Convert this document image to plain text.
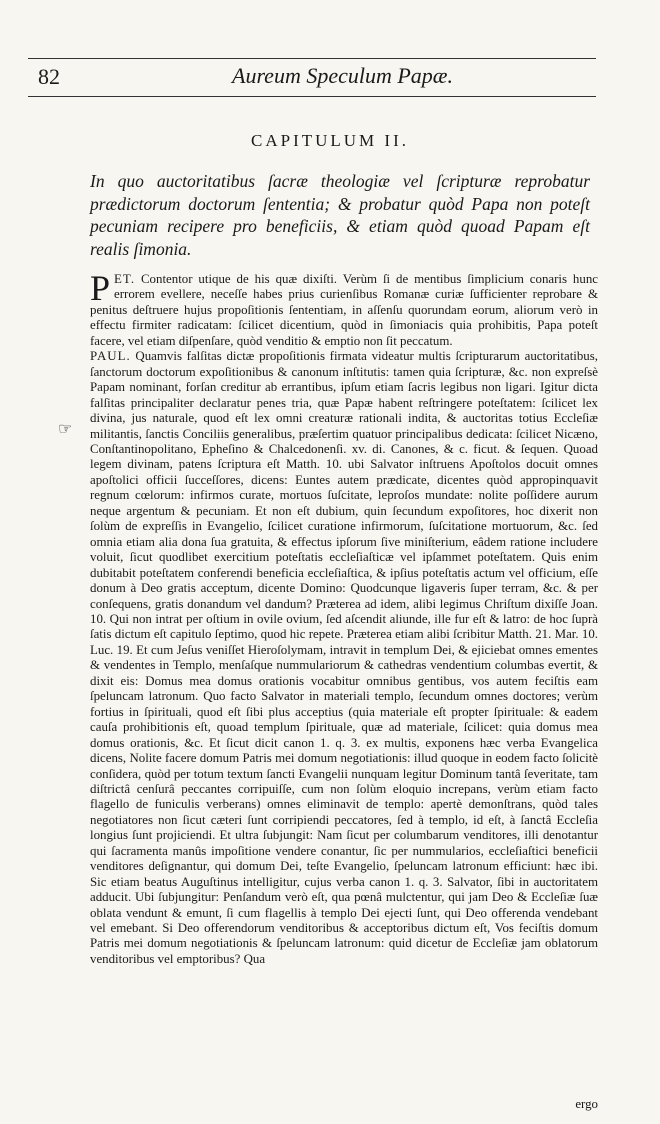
82	Aureum Speculum Papæ.
CAPITULUM II.
In quo auctoritatibus ſacræ theologiæ vel ſcripturæ reprobatur prædictorum doctorum ſententia; & probatur quòd Papa non poteſt pecuniam recipere pro beneficiis, & etiam quòd quoad Papam eſt realis ſimonia.
☞

PET. Contentor utique de his quæ dixiſti. Verùm ſi de mentibus ſimplicium conaris hunc errorem evellere, neceſſe habes prius curienſibus Romanæ curiæ ſufficienter reprobare & penitus deſtruere hujus propoſitionis ſententiam, in aſſenſu quorundam eorum, aliorum verò in effectu firmiter radicatam: ſcilicet dicentium, quòd in ſimoniacis quia prohibitis, Papa poteſt facere, vel etiam diſpenſare, quòd venditio & emptio non ſit peccatum.

PAUL. Quamvis falſitas dictæ propoſitionis firmata videatur multis ſcripturarum auctoritatibus, ſanctorum doctorum expoſitionibus & canonum inſtitutis: tamen quia ſcripturæ, &c. non expreſsè Papam nominant, forſan creditur ab errantibus, ipſum etiam ſacris legibus non ligari. Igitur dicta falſitas principaliter declaratur penes tria, quæ Papæ habent reſtringere poteſtatem: ſcilicet lex divina, jus naturale, quod eſt lex omni creaturæ rationali indita, & auctoritas totius Eccleſiæ militantis, ſanctis Conciliis generalibus, præſertim quatuor principalibus dedicata: ſcilicet Nicæno, Conſtantinopolitano, Epheſino & Chalcedonenſi. xv. di. Canones, & c. ficut. & ſequen. Quoad legem divinam, patens ſcriptura eſt Matth. 10. ubi Salvator inſtruens Apoſtolos docuit omnes apoſtolici officii ſucceſſores, dicens: Euntes autem prædicate, dicentes quòd appropinquavit regnum cœlorum: infirmos curate, mortuos ſuſcitate, leproſos mundate: nolite poſſidere aurum neque argentum & pecuniam. Et non eſt dubium, quin ſecundum expoſitores, hoc dixerit non ſolùm de expreſſis in Evangelio, ſcilicet curatione infirmorum, ſuſcitatione mortuorum, &c. ſed omnia etiam alia dona ſua gratuita, & effectus ipſorum ſive miniſterium, eâdem ratione includere voluit, ſicut quodlibet exercitium poteſtatis eccleſiaſticæ vel ipſammet poteſtatem. Quis enim dubitabit poteſtatem conferendi beneficia eccleſiaſtica, & ipſius poteſtatis actum vel officium, eſſe donum à Deo gratis acceptum, dicente Domino: Quodcunque ligaveris ſuper terram, &c. & per conſequens, gratis donandum vel dandum? Præterea ad idem, alibi legimus Chriſtum dixiſſe Joan. 10. Qui non intrat per oſtium in ovile ovium, ſed aſcendit aliunde, ille fur eſt & latro: de hoc ſuprà ſatis dictum eſt capitulo ſeptimo, quod hic repete. Præterea etiam alibi ſcribitur Matth. 21. Mar. 10. Luc. 19. Et cum Jeſus veniſſet Hieroſolymam, intravit in templum Dei, & ejiciebat omnes ementes & vendentes in Templo, menſaſque nummulariorum & cathedras vendentium columbas evertit, & dixit eis: Domus mea domus orationis vocabitur omnibus gentibus, vos autem feciſtis eam ſpeluncam latronum. Quo facto Salvator in materiali templo, ſecundum omnes doctores; verùm fortius in ſpirituali, quod eſt ſibi plus acceptius (quia materiale eſt propter ſpirituale: & eadem cauſa prohibitionis eſt, quoad templum ſpirituale, quæ ad materiale, ſcilicet: quia domus mea domus orationis, &c. Et ſicut dicit canon 1. q. 3. ex multis, exponens hæc verba Evangelica dicens, Nolite facere domum Patris mei domum negotiationis: illud quoque in eodem facto ſolicitè conſidera, quòd per totum textum ſancti Evangelii nunquam legitur Dominum tantâ ſeveritate, tam diſtrictâ cenſurâ peccantes corripuiſſe, cum non ſolùm eloquio increpans, verùm etiam facto flagello de funiculis verberans) omnes eliminavit de templo: apertè demonſtrans, quòd tales negotiatores non ſicut cæteri ſunt corripiendi peccatores, ſed à templo, id eſt, à ſanctâ Eccleſia longius ſunt projiciendi. Et ultra ſubjungit: Nam ſicut per columbarum venditores, illi denotantur qui ſacramenta manûs impoſitione vendere conantur, ſic per nummularios, eccleſiaſtici beneficii venditores deſignantur, qui domum Dei, teſte Evangelio, ſpeluncam latronum efficiunt: hæc ibi. Sic etiam beatus Auguſtinus intelligitur, cujus verba canon 1. q. 3. Salvator, ſibi in auctoritatem adducit. Ubi ſubjungitur: Penſandum verò eſt, qua pœnâ mulctentur, qui jam Deo & Eccleſiæ ſuæ oblata vendunt & emunt, ſi cum flagellis à templo Dei ejecti ſunt, qui Deo offerenda vendebant vel emebant. Si Deo offerendorum venditoribus & acceptoribus dictum eſt, Vos feciſtis domum Patris mei domum negotiationis & ſpeluncam latronum: quid dicetur de Eccleſiæ jam oblatorum venditoribus vel emptoribus? Qua

ergo
